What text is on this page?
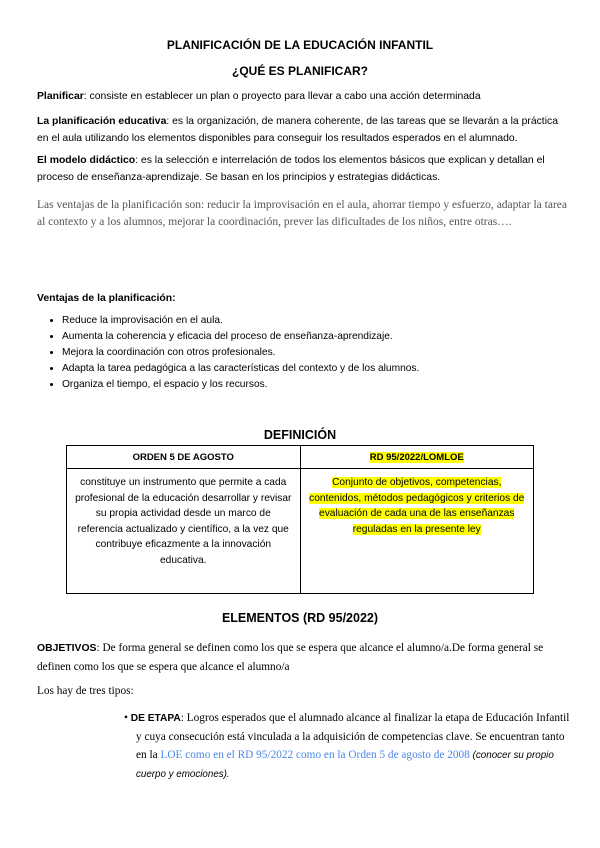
PLANIFICACIÓN DE LA EDUCACIÓN INFANTIL
¿QUÉ ES PLANIFICAR?
Planificar: consiste en establecer un plan o proyecto para llevar a cabo una acción determinada
La planificación educativa: es la organización, de manera coherente, de las tareas que se llevarán a la práctica en el aula utilizando los elementos disponibles para conseguir los resultados esperados en el alumnado.
El modelo didáctico: es la selección e interrelación de todos los elementos básicos que explican y detallan el proceso de enseñanza-aprendizaje. Se basan en los principios y estrategias didácticas.
Las ventajas de la planificación son: reducir la improvisación en el aula, ahorrar tiempo y esfuerzo, adaptar la tarea al contexto y a los alumnos, mejorar la coordinación, prever las dificultades de los niños, entre otras….
Ventajas de la planificación:
• Reduce la improvisación en el aula.
• Aumenta la coherencia y eficacia del proceso de enseñanza-aprendizaje.
• Mejora la coordinación con otros profesionales.
• Adapta la tarea pedagógica a las características del contexto y de los alumnos.
• Organiza el tiempo, el espacio y los recursos.
DEFINICIÓN
ORDEN 5 DE AGOSTO	RD 95/2022/LOMLOE
constituye un instrumento que permite a cada profesional de la educación desarrollar y revisar su propia actividad desde un marco de referencia actualizado y científico, a la vez que contribuye eficazmente a la innovación educativa.	Conjunto de objetivos, competencias, contenidos, métodos pedagógicos y criterios de evaluación de cada una de las enseñanzas reguladas en la presente ley
ELEMENTOS (RD 95/2022)
OBJETIVOS: De forma general se definen como los que se espera que alcance el alumno/a.De forma general se definen como los que se espera que alcance el alumno/a
Los hay de tres tipos:
• DE ETAPA: Logros esperados que el alumnado alcance al finalizar la etapa de Educación Infantil y cuya consecución está vinculada a la adquisición de competencias clave. Se encuentran tanto en la LOE como en el RD 95/2022 como en la Orden 5 de agosto de 2008 (conocer su propio cuerpo y emociones).
